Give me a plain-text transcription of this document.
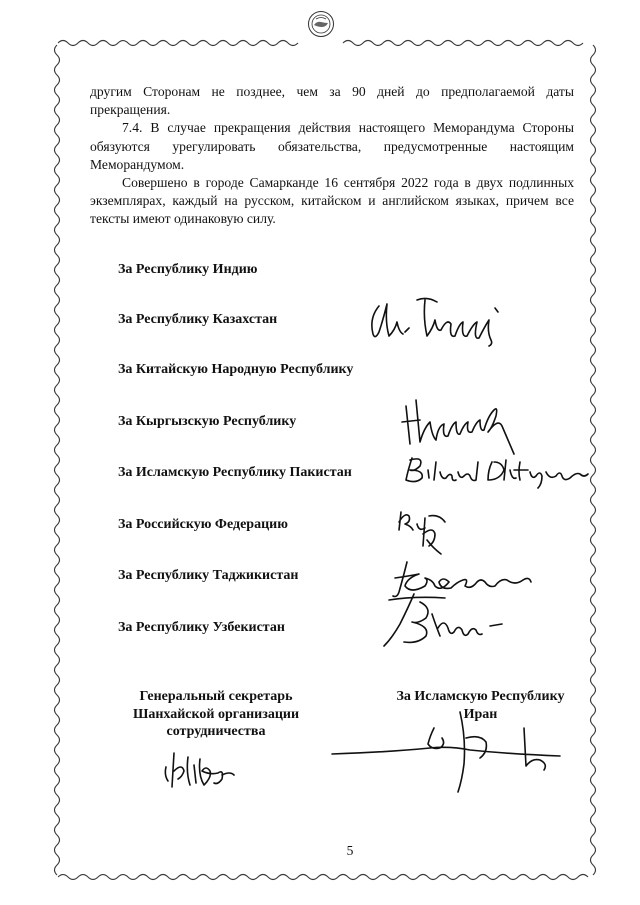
другим Сторонам не позднее, чем за 90 дней до предполагаемой даты прекращения.

7.4. В случае прекращения действия настоящего Меморандума Стороны обязуются урегулировать обязательства, предусмотренные настоящим Меморандумом.

Совершено в городе Самарканде 16 сентября 2022 года в двух подлинных экземплярах, каждый на русском, китайском и английском языках, причем все тексты имеют одинаковую силу.

За Республику Индию
За Республику Казахстан
За Китайскую Народную Республику
За Кыргызскую Республику
За Исламскую Республику Пакистан
За Российскую Федерацию
За Республику Таджикистан
За Республику Узбекистан
Генеральный секретарь
Шанхайской организации
сотрудничества
За Исламскую Республику
Иран
5
